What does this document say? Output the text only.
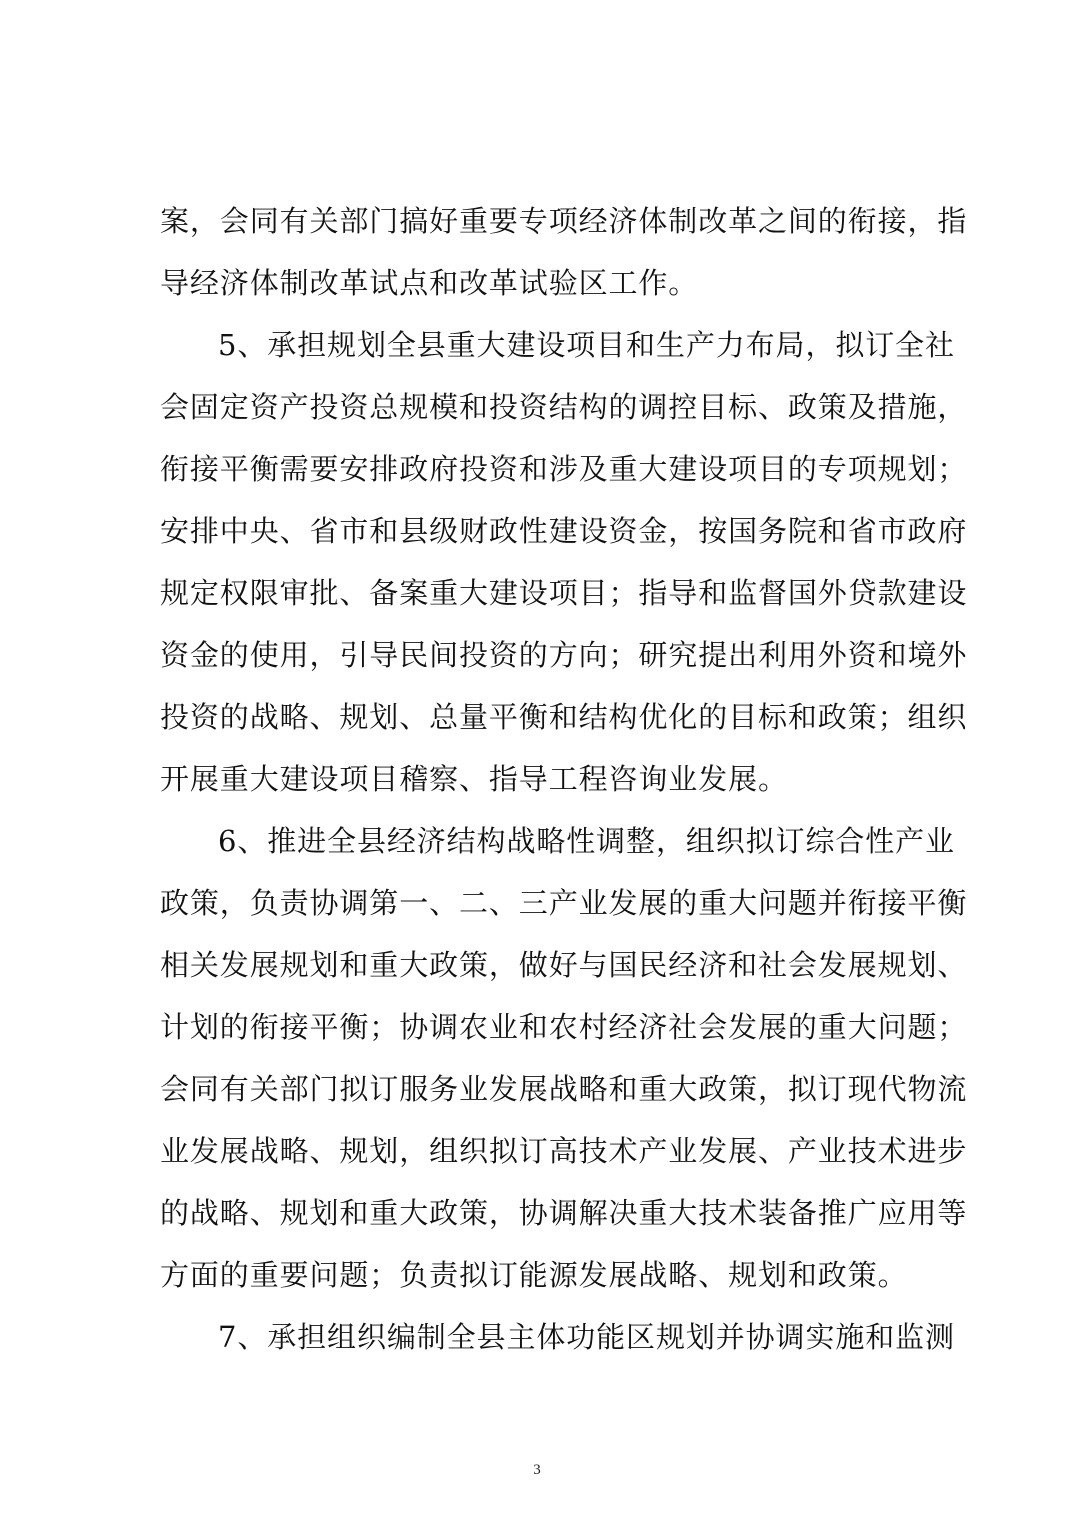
案，会同有关部门搞好重要专项经济体制改革之间的衔接，指
导经济体制改革试点和改革试验区工作。
5、承担规划全县重大建设项目和生产力布局，拟订全社
会固定资产投资总规模和投资结构的调控目标、政策及措施，
衔接平衡需要安排政府投资和涉及重大建设项目的专项规划；
安排中央、省市和县级财政性建设资金，按国务院和省市政府
规定权限审批、备案重大建设项目；指导和监督国外贷款建设
资金的使用，引导民间投资的方向；研究提出利用外资和境外
投资的战略、规划、总量平衡和结构优化的目标和政策；组织
开展重大建设项目稽察、指导工程咨询业发展。
6、推进全县经济结构战略性调整，组织拟订综合性产业
政策，负责协调第一、二、三产业发展的重大问题并衔接平衡
相关发展规划和重大政策，做好与国民经济和社会发展规划、
计划的衔接平衡；协调农业和农村经济社会发展的重大问题；
会同有关部门拟订服务业发展战略和重大政策，拟订现代物流
业发展战略、规划，组织拟订高技术产业发展、产业技术进步
的战略、规划和重大政策，协调解决重大技术装备推广应用等
方面的重要问题；负责拟订能源发展战略、规划和政策。
7、承担组织编制全县主体功能区规划并协调实施和监测
3
